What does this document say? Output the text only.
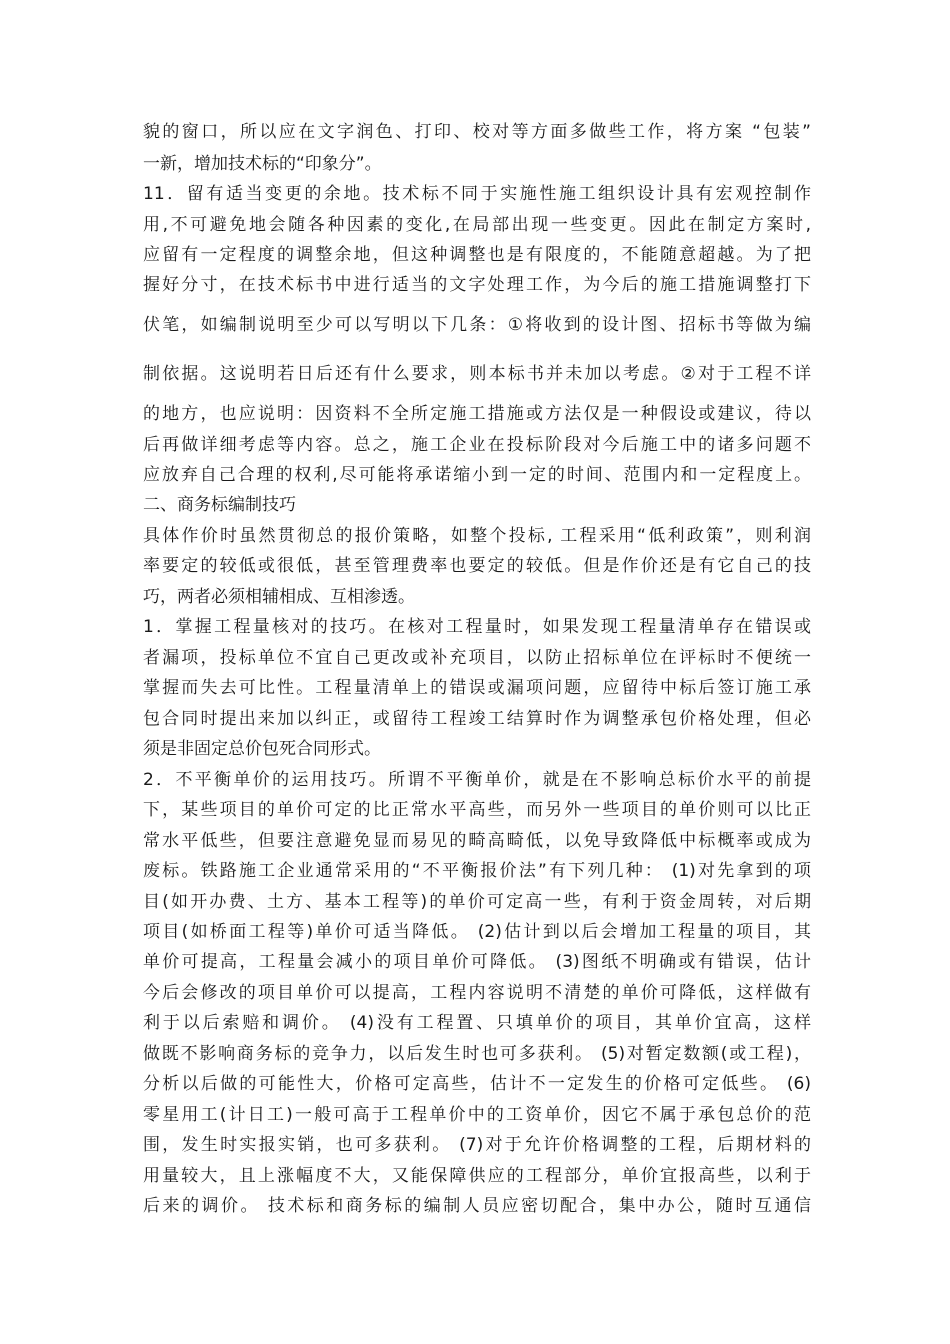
貌的窗口，所以应在文字润色、打印、校对等方面多做些工作，将方案 “包装”
一新，增加技术标的“印象分”。
11．留有适当变更的余地。技术标不同于实施性施工组织设计具有宏观控制作
用,不可避免地会随各种因素的变化,在局部出现一些变更。因此在制定方案时,
应留有一定程度的调整余地，但这种调整也是有限度的，不能随意超越。为了把
握好分寸，在技术标书中进行适当的文字处理工作，为今后的施工措施调整打下
伏笔，如编制说明至少可以写明以下几条：①将收到的设计图、招标书等做为编
制依据。这说明若日后还有什么要求，则本标书并未加以考虑。②对于工程不详
的地方，也应说明：因资料不全所定施工措施或方法仅是一种假设或建议，待以
后再做详细考虑等内容。总之，施工企业在投标阶段对今后施工中的诸多问题不
应放弃自己合理的权利,尽可能将承诺缩小到一定的时间、范围内和一定程度上。
二、商务标编制技巧
具体作价时虽然贯彻总的报价策略，如整个投标, 工程采用“低利政策”，则利润
率要定的较低或很低，甚至管理费率也要定的较低。但是作价还是有它自己的技
巧，两者必须相辅相成、互相渗透。
1．掌握工程量核对的技巧。在核对工程量时，如果发现工程量清单存在错误或
者漏项，投标单位不宜自己更改或补充项目，以防止招标单位在评标时不便统一
掌握而失去可比性。工程量清单上的错误或漏项问题，应留待中标后签订施工承
包合同时提出来加以纠正，或留待工程竣工结算时作为调整承包价格处理，但必
须是非固定总价包死合同形式。
2．不平衡单价的运用技巧。所谓不平衡单价，就是在不影响总标价水平的前提
下，某些项目的单价可定的比正常水平高些，而另外一些项目的单价则可以比正
常水平低些，但要注意避免显而易见的畸高畸低，以免导致降低中标概率或成为
废标。铁路施工企业通常采用的“不平衡报价法”有下列几种： (1)对先拿到的项
目(如开办费、土方、基本工程等)的单价可定高一些，有利于资金周转，对后期
项目(如桥面工程等)单价可适当降低。 (2)估计到以后会增加工程量的项目，其
单价可提高，工程量会减小的项目单价可降低。 (3)图纸不明确或有错误，估计
今后会修改的项目单价可以提高，工程内容说明不清楚的单价可降低，这样做有
利于以后索赔和调价。 (4)没有工程置、只填单价的项目，其单价宜高，这样
做既不影响商务标的竞争力，以后发生时也可多获利。 (5)对暂定数额(或工程)，
分析以后做的可能性大，价格可定高些，估计不一定发生的价格可定低些。 (6)
零星用工(计日工)一般可高于工程单价中的工资单价，因它不属于承包总价的范
围，发生时实报实销，也可多获利。 (7)对于允许价格调整的工程，后期材料的
用量较大，且上涨幅度不大，又能保障供应的工程部分，单价宜报高些，以利于
后来的调价。 技术标和商务标的编制人员应密切配合，集中办公，随时互通信
